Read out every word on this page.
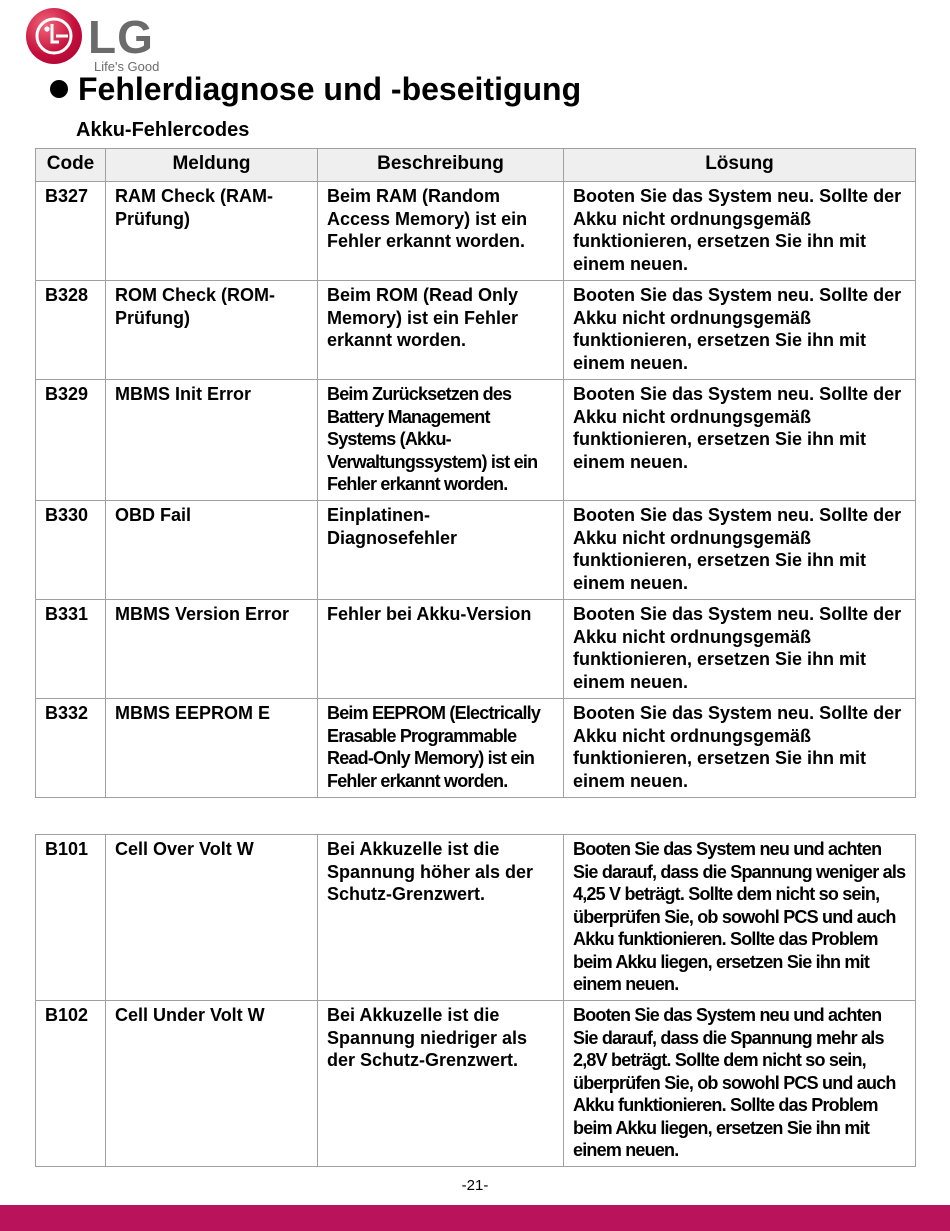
LG
Life's Good
Fehlerdiagnose und -beseitigung
Akku-Fehlercodes
Code	Meldung	Beschreibung	Lösung
B327	RAM Check (RAM-Prüfung)	Beim RAM (Random Access Memory) ist ein Fehler erkannt worden.	Booten Sie das System neu. Sollte der Akku nicht ordnungsgemäß funktionieren, ersetzen Sie ihn mit einem neuen.
B328	ROM Check (ROM-Prüfung)	Beim ROM (Read Only Memory) ist ein Fehler erkannt worden.	Booten Sie das System neu. Sollte der Akku nicht ordnungsgemäß funktionieren, ersetzen Sie ihn mit einem neuen.
B329	MBMS Init Error	Beim Zurücksetzen des Battery Management Systems (Akku-Verwaltungssystem) ist ein Fehler erkannt worden.	Booten Sie das System neu. Sollte der Akku nicht ordnungsgemäß funktionieren, ersetzen Sie ihn mit einem neuen.
B330	OBD Fail	Einplatinen-Diagnosefehler	Booten Sie das System neu. Sollte der Akku nicht ordnungsgemäß funktionieren, ersetzen Sie ihn mit einem neuen.
B331	MBMS Version Error	Fehler bei Akku-Version	Booten Sie das System neu. Sollte der Akku nicht ordnungsgemäß funktionieren, ersetzen Sie ihn mit einem neuen.
B332	MBMS EEPROM E	Beim EEPROM (Electrically Erasable Programmable Read-Only Memory) ist ein Fehler erkannt worden.	Booten Sie das System neu. Sollte der Akku nicht ordnungsgemäß funktionieren, ersetzen Sie ihn mit einem neuen.
B101	Cell Over Volt W	Bei Akkuzelle ist die Spannung höher als der Schutz-Grenzwert.	Booten Sie das System neu und achten Sie darauf, dass die Spannung weniger als 4,25 V beträgt. Sollte dem nicht so sein, überprüfen Sie, ob sowohl PCS und auch Akku funktionieren. Sollte das Problem beim Akku liegen, ersetzen Sie ihn mit einem neuen.
B102	Cell Under Volt W	Bei Akkuzelle ist die Spannung niedriger als der Schutz-Grenzwert.	Booten Sie das System neu und achten Sie darauf, dass die Spannung mehr als 2,8V beträgt. Sollte dem nicht so sein, überprüfen Sie, ob sowohl PCS und auch Akku funktionieren. Sollte das Problem beim Akku liegen, ersetzen Sie ihn mit einem neuen.
-21-
